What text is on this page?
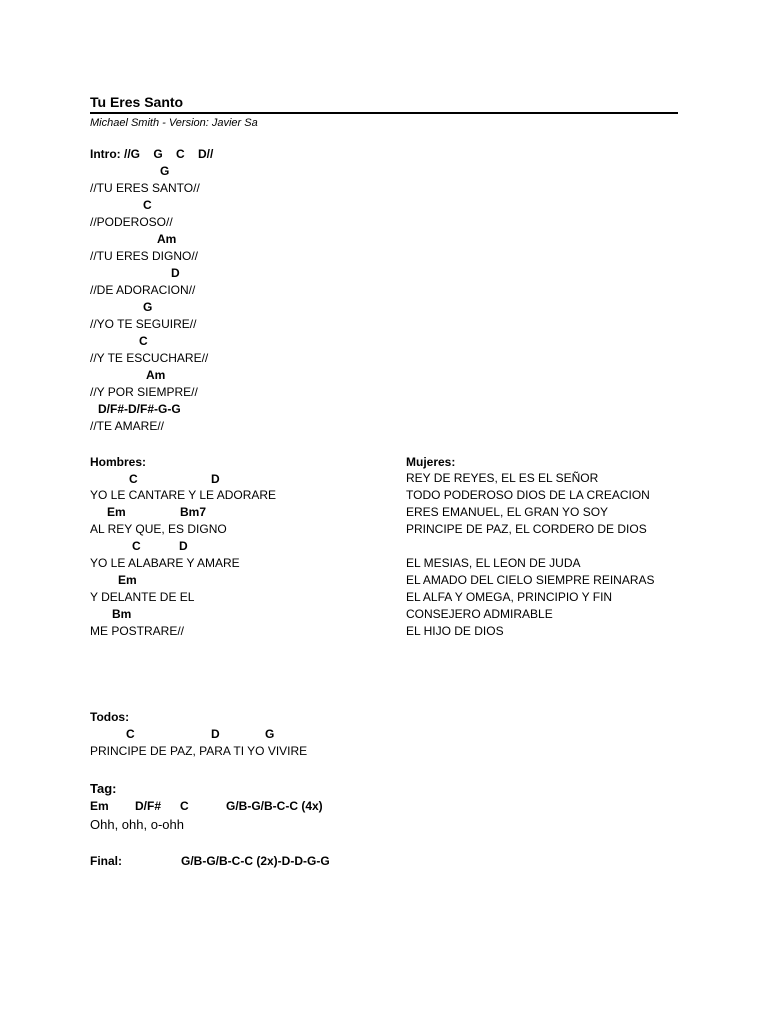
Tu Eres Santo
Michael Smith - Version: Javier Sa
Intro: //G    G    C    D//
G
//TU ERES SANTO//
C
//PODEROSO//
Am
//TU ERES DIGNO//
D
//DE ADORACION//
G
//YO TE SEGUIRE//
C
//Y TE ESCUCHARE//
Am
//Y POR SIEMPRE//
D/F#-D/F#-G-G
//TE AMARE//
Hombres:
C	D
YO LE CANTARE Y LE ADORARE
Em	Bm7
AL REY QUE, ES DIGNO
C	D
YO LE ALABARE Y AMARE
Em
Y DELANTE DE EL
Bm
ME POSTRARE//
Mujeres:
REY DE REYES, EL ES EL SEÑOR
TODO PODEROSO DIOS DE LA CREACION
ERES EMANUEL, EL GRAN YO SOY
PRINCIPE DE PAZ, EL CORDERO DE DIOS
EL MESIAS, EL LEON DE JUDA
EL AMADO DEL CIELO SIEMPRE REINARAS
EL ALFA Y OMEGA, PRINCIPIO Y FIN
CONSEJERO ADMIRABLE
EL HIJO DE DIOS
Todos:
C	D	G
PRINCIPE DE PAZ, PARA TI YO VIVIRE
Tag:
Em D/F# C	G/B-G/B-C-C (4x)
Ohh, ohh, o-ohh
Final:	G/B-G/B-C-C (2x)-D-D-G-G
